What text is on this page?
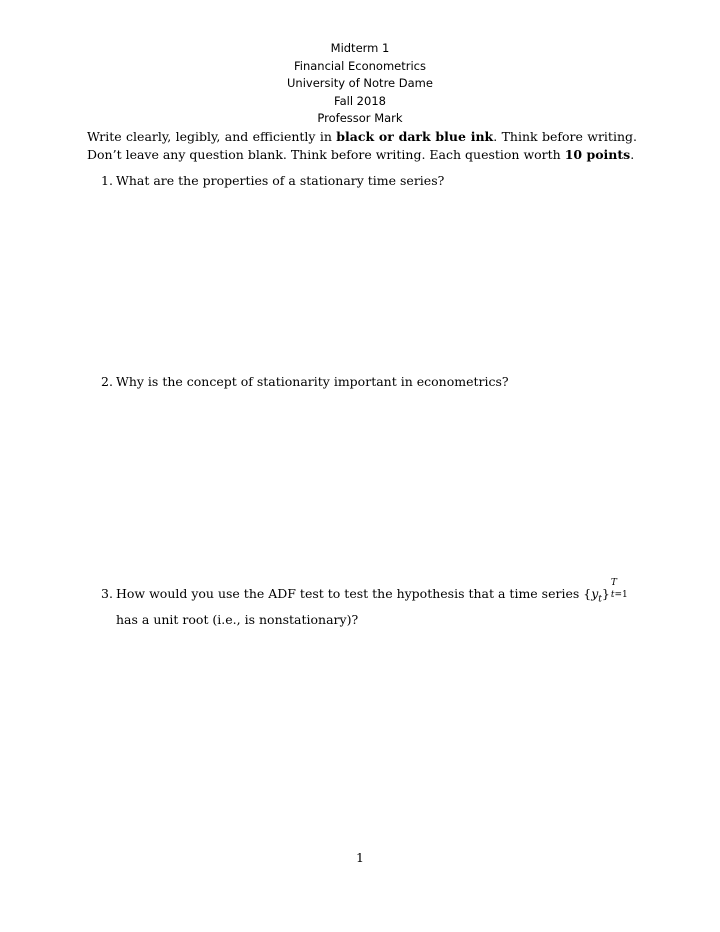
Midterm 1
Financial Econometrics
University of Notre Dame
Fall 2018
Professor Mark
Write clearly, legibly, and efficiently in black or dark blue ink. Think before writing. Don’t leave any question blank. Think before writing. Each question worth 10 points.
1. What are the properties of a stationary time series?
2. Why is the concept of stationarity important in econometrics?
3. How would you use the ADF test to test the hypothesis that a time series $\{y_t\}$
T
t=1
has a unit root (i.e., is nonstationary)?
1
